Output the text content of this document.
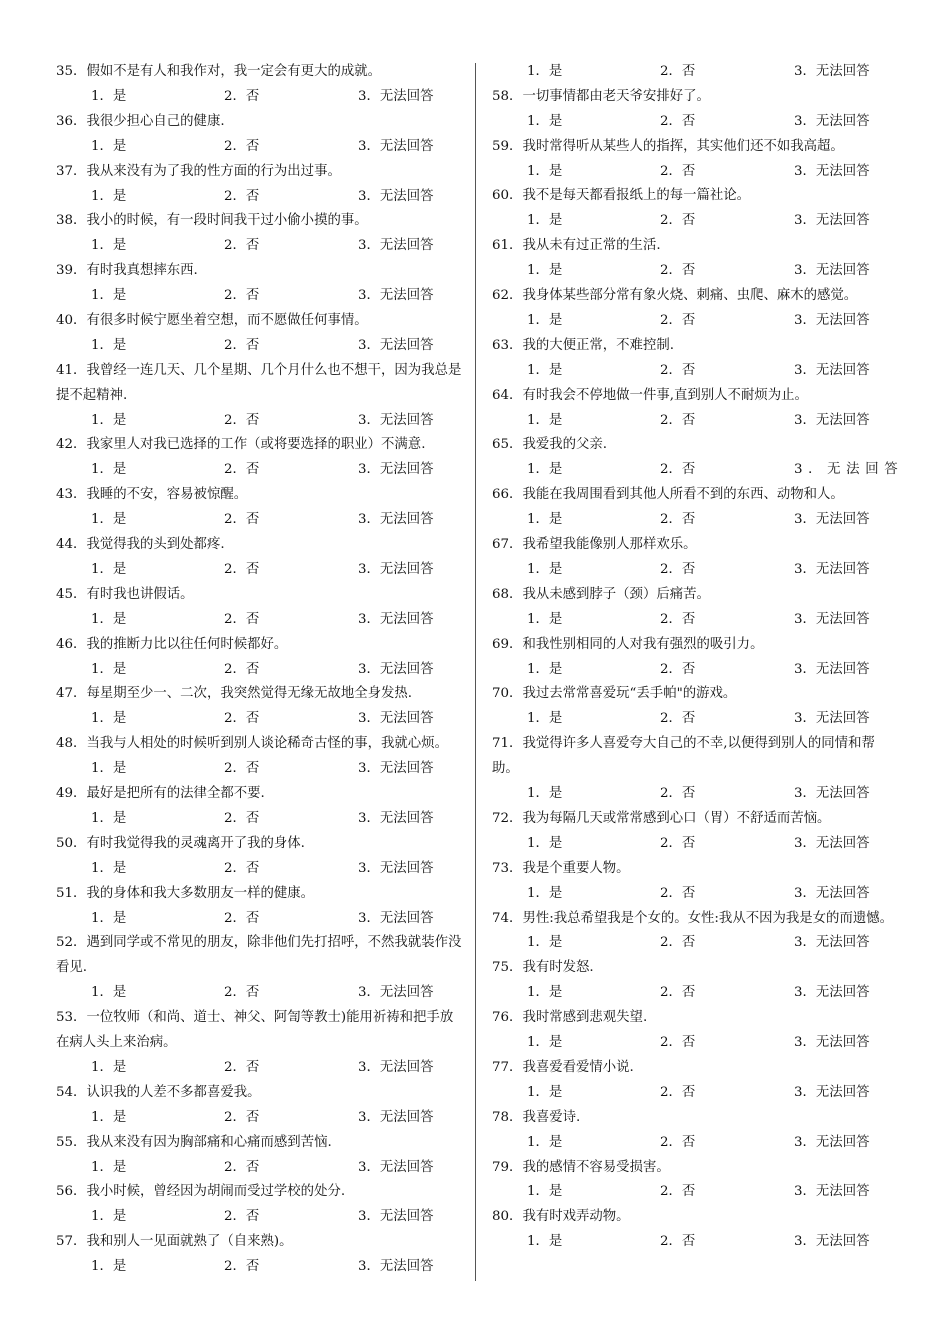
35．假如不是有人和我作对，我一定会有更大的成就。
1．是	2．否	3．无法回答
36．我很少担心自己的健康.
1．是	2．否	3．无法回答
37．我从来没有为了我的性方面的行为出过事。
1．是	2．否	3．无法回答
38．我小的时候，有一段时间我干过小偷小摸的事。
1．是	2．否	3．无法回答
39．有时我真想摔东西.
1．是	2．否	3．无法回答
40．有很多时候宁愿坐着空想，而不愿做任何事情。
1．是	2．否	3．无法回答
41．我曾经一连几天、几个星期、几个月什么也不想干，因为我总是提不起精神.
1．是	2．否	3．无法回答
42．我家里人对我已选择的工作（或将要选择的职业）不满意.
1．是	2．否	3．无法回答
43．我睡的不安，容易被惊醒。
1．是	2．否	3．无法回答
44．我觉得我的头到处都疼.
1．是	2．否	3．无法回答
45．有时我也讲假话。
1．是	2．否	3．无法回答
46．我的推断力比以往任何时候都好。
1．是	2．否	3．无法回答
47．每星期至少一、二次，我突然觉得无缘无故地全身发热.
1．是	2．否	3．无法回答
48．当我与人相处的时候听到别人谈论稀奇古怪的事，我就心烦。
1．是	2．否	3．无法回答
49．最好是把所有的法律全都不要.
1．是	2．否	3．无法回答
50．有时我觉得我的灵魂离开了我的身体.
1．是	2．否	3．无法回答
51．我的身体和我大多数朋友一样的健康。
1．是	2．否	3．无法回答
52．遇到同学或不常见的朋友，除非他们先打招呼，不然我就装作没看见.
1．是	2．否	3．无法回答
53．一位牧师（和尚、道士、神父、阿訇等教士)能用祈祷和把手放在病人头上来治病。
1．是	2．否	3．无法回答
54．认识我的人差不多都喜爱我。
1．是	2．否	3．无法回答
55．我从来没有因为胸部痛和心痛而感到苦恼.
1．是	2．否	3．无法回答
56．我小时候，曾经因为胡闹而受过学校的处分.
1．是	2．否	3．无法回答
57．我和别人一见面就熟了（自来熟)。
1．是	2．否	3．无法回答
1．是	2．否	3．无法回答
58．一切事情都由老天爷安排好了。
1．是	2．否	3．无法回答
59．我时常得听从某些人的指挥，其实他们还不如我高超。
1．是	2．否	3．无法回答
60．我不是每天都看报纸上的每一篇社论。
1．是	2．否	3．无法回答
61．我从未有过正常的生活.
1．是	2．否	3．无法回答
62．我身体某些部分常有象火烧、刺痛、虫爬、麻木的感觉。
1．是	2．否	3．无法回答
63．我的大便正常，不难控制.
1．是	2．否	3．无法回答
64．有时我会不停地做一件事,直到别人不耐烦为止。
1．是	2．否	3．无法回答
65．我爱我的父亲.
1．是	2．否	3．无法回答
66．我能在我周围看到其他人所看不到的东西、动物和人。
1．是	2．否	3．无法回答
67．我希望我能像别人那样欢乐。
1．是	2．否	3．无法回答
68．我从未感到脖子（颈）后痛苦。
1．是	2．否	3．无法回答
69．和我性别相同的人对我有强烈的吸引力。
1．是	2．否	3．无法回答
70．我过去常常喜爱玩“丢手帕"的游戏。
1．是	2．否	3．无法回答
71．我觉得许多人喜爱夸大自己的不幸,以便得到别人的同情和帮助。
1．是	2．否	3．无法回答
72．我为每隔几天或常常感到心口（胃）不舒适而苦恼。
1．是	2．否	3．无法回答
73．我是个重要人物。
1．是	2．否	3．无法回答
74．男性:我总希望我是个女的。女性:我从不因为我是女的而遗憾。
1．是	2．否	3．无法回答
75．我有时发怒.
1．是	2．否	3．无法回答
76．我时常感到悲观失望.
1．是	2．否	3．无法回答
77．我喜爱看爱情小说.
1．是	2．否	3．无法回答
78．我喜爱诗.
1．是	2．否	3．无法回答
79．我的感情不容易受损害。
1．是	2．否	3．无法回答
80．我有时戏弄动物。
1．是	2．否	3．无法回答
